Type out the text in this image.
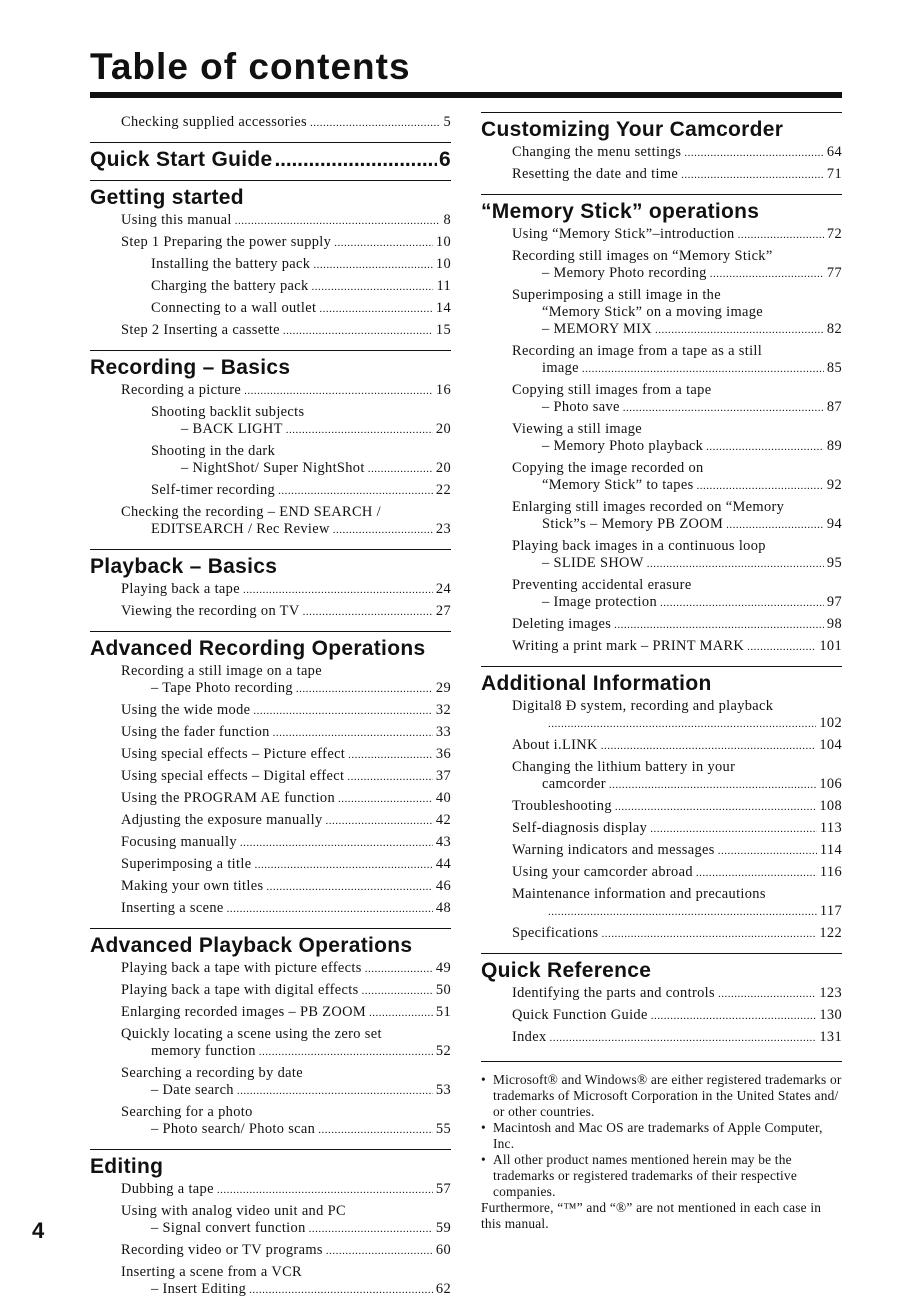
Table of contents
Checking supplied accessories .....	5
Quick Start Guide . . .	6
Getting started
Using this manual .....	8
Step 1 Preparing the power supply .....	10
Installing the battery pack .....	10
Charging the battery pack .....	11
Connecting to a wall outlet .....	14
Step 2 Inserting a cassette .....	15
Recording – Basics
Recording a picture .....	16
Shooting backlit subjects
– BACK LIGHT .....	20
Shooting in the dark
– NightShot/ Super NightShot .....	20
Self-timer recording .....	22
Checking the recording – END SEARCH /
EDITSEARCH / Rec Review .....	23
Playback – Basics
Playing back a tape .....	24
Viewing the recording on TV .....	27
Advanced Recording Operations
Recording a still image on a tape
– Tape Photo recording .....	29
Using the wide mode .....	32
Using the fader function .....	33
Using special effects – Picture effect .....	36
Using special effects – Digital effect .....	37
Using the PROGRAM AE function .....	40
Adjusting the exposure manually .....	42
Focusing manually .....	43
Superimposing a title .....	44
Making your own titles .....	46
Inserting a scene .....	48
Advanced Playback Operations
Playing back a tape with picture effects .....	49
Playing back a tape with digital effects .....	50
Enlarging recorded images – PB ZOOM .....	51
Quickly locating a scene using the zero set
memory function .....	52
Searching a recording by date
– Date search .....	53
Searching for a photo
– Photo search/ Photo scan .....	55
Editing
Dubbing a tape .....	57
Using with analog video unit and PC
– Signal convert function .....	59
Recording video or TV programs .....	60
Inserting a scene from a VCR
– Insert Editing .....	62
Customizing Your Camcorder
Changing the menu settings .....	64
Resetting the date and time .....	71
“Memory Stick” operations
Using “Memory Stick”–introduction .....	72
Recording still images on “Memory Stick”
– Memory Photo recording .....	77
Superimposing a still image in the
“Memory Stick” on a moving image
– MEMORY MIX .....	82
Recording an image from a tape as a still
image .....	85
Copying still images from a tape
– Photo save .....	87
Viewing a still image
– Memory Photo playback .....	89
Copying the image recorded on
“Memory Stick” to tapes .....	92
Enlarging still images recorded on “Memory
Stick”s – Memory PB ZOOM .....	94
Playing back images in a continuous loop
– SLIDE SHOW .....	95
Preventing accidental erasure
– Image protection .....	97
Deleting images .....	98
Writing a print mark – PRINT MARK .....	101
Additional Information
Digital8 Ð system, recording and playback
.....
102
About i.LINK .....	104
Changing the lithium battery in your
camcorder .....	106
Troubleshooting .....	108
Self-diagnosis display .....	113
Warning indicators and messages .....	114
Using your camcorder abroad .....	116
Maintenance information and precautions
.....
117
Specifications .....	122
Quick Reference
Identifying the parts and controls .....	123
Quick Function Guide .....	130
Index .....	131
• Microsoft® and Windows® are either registered trademarks or trademarks of Microsoft Corporation in the United States and/ or other countries.
• Macintosh and Mac OS are trademarks of Apple Computer, Inc.
• All other product names mentioned herein may be the trademarks or registered trademarks of their respective companies.
Furthermore, “™” and “®” are not mentioned in each case in this manual.
4
